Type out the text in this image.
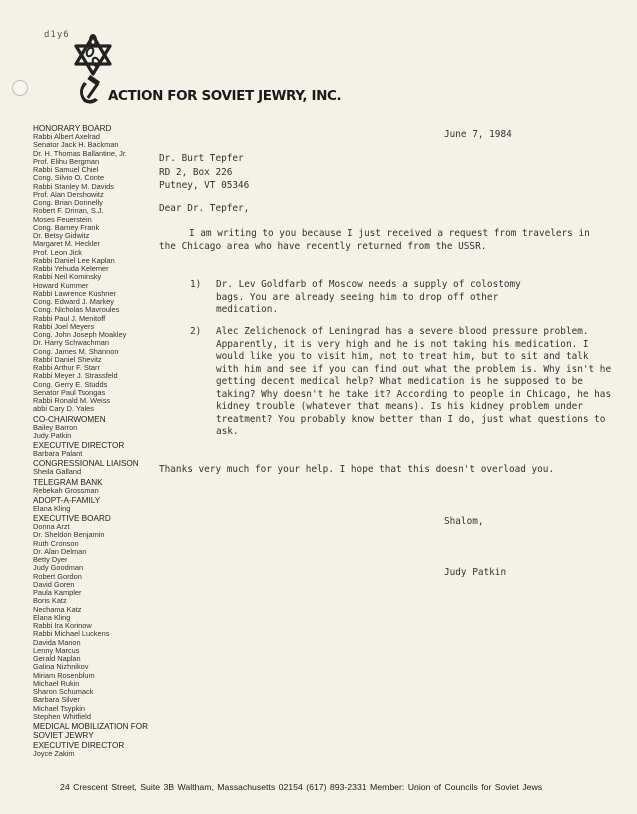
d1y6
ACTION FOR SOVIET JEWRY, INC.
HONORARY BOARD
Rabbi Albert Axelrad
Senator Jack H. Backman
Dr. H. Thomas Ballantine, Jr.
Prof. Elihu Bergman
Rabbi Samuel Chiel
Cong. Silvio O. Conte
Rabbi Stanley M. Davids
Prof. Alan Dershowitz
Cong. Brian Donnelly
Robert F. Drinan, S.J.
Moses Feuerstein
Cong. Barney Frank
Dr. Betsy Gidwitz
Margaret M. Heckler
Prof. Leon Jick
Rabbi Daniel Lee Kaplan
Rabbi Yehuda Kelemer
Rabbi Neil Kominsky
Howard Kummer
Rabbi Lawrence Kushner
Cong. Edward J. Markey
Cong. Nicholas Mavroules
Rabbi Paul J. Menitoff
Rabbi Joel Meyers
Cong. John Joseph Moakley
Dr. Harry Schwachman
Cong. James M. Shannon
Rabbi Daniel Shevitz
Rabbi Arthur F. Starr
Rabbi Meyer J. Strassfeld
Cong. Gerry E. Studds
Senator Paul Tsongas
Rabbi Ronald M. Weiss
abbi Cary D. Yales
CO-CHAIRWOMEN
Bailey Barron
Judy Patkin
EXECUTIVE DIRECTOR
Barbara Palant
CONGRESSIONAL LIAISON
Sheila Galland
TELEGRAM BANK
Rebekah Grossman
ADOPT-A-FAMILY
Elana Kling
EXECUTIVE BOARD
Donna Arzt
Dr. Sheldon Benjamin
Ruth Cronson
Dr. Alan Delman
Betty Dyer
Judy Goodman
Robert Gordon
David Goren
Paula Kampler
Boris Katz
Nechama Katz
Elana Kling
Rabbi Ira Korinow
Rabbi Michael Luckens
Davida Manon
Lenny Marcus
Gerald Naplan
Galina Nizhnikov
Miriam Rosenblum
Michael Rukin
Sharon Schumack
Barbara Silver
Michael Tsypkin
Stephen Whitfield
MEDICAL MOBILIZATION FOR SOVIET JEWRY
EXECUTIVE DIRECTOR
Joyce Zakim
June 7, 1984
Dr. Burt Tepfer
RD 2, Box 226
Putney, VT 05346
Dear Dr. Tepfer,
I am writing to you because I just received a request from travelers in the Chicago area who have recently returned from the USSR.
1) Dr. Lev Goldfarb of Moscow needs a supply of colostomy bags. You are already seeing him to drop off other medication.
2) Alec Zelichenock of Leningrad has a severe blood pressure problem. Apparently, it is very high and he is not taking his medication. I would like you to visit him, not to treat him, but to sit and talk with him and see if you can find out what the problem is. Why isn't he getting decent medical help? What medication is he supposed to be taking? Why doesn't he take it? According to people in Chicago, he has kidney trouble (whatever that means). Is his kidney problem under treatment? You probably know better than I do, just what questions to ask.
Thanks very much for your help. I hope that this doesn't overload you.
Shalom,
Judy Patkin
24 Crescent Street, Suite 3B Waltham, Massachusetts 02154 (617) 893-2331 Member: Union of Councils for Soviet Jews
